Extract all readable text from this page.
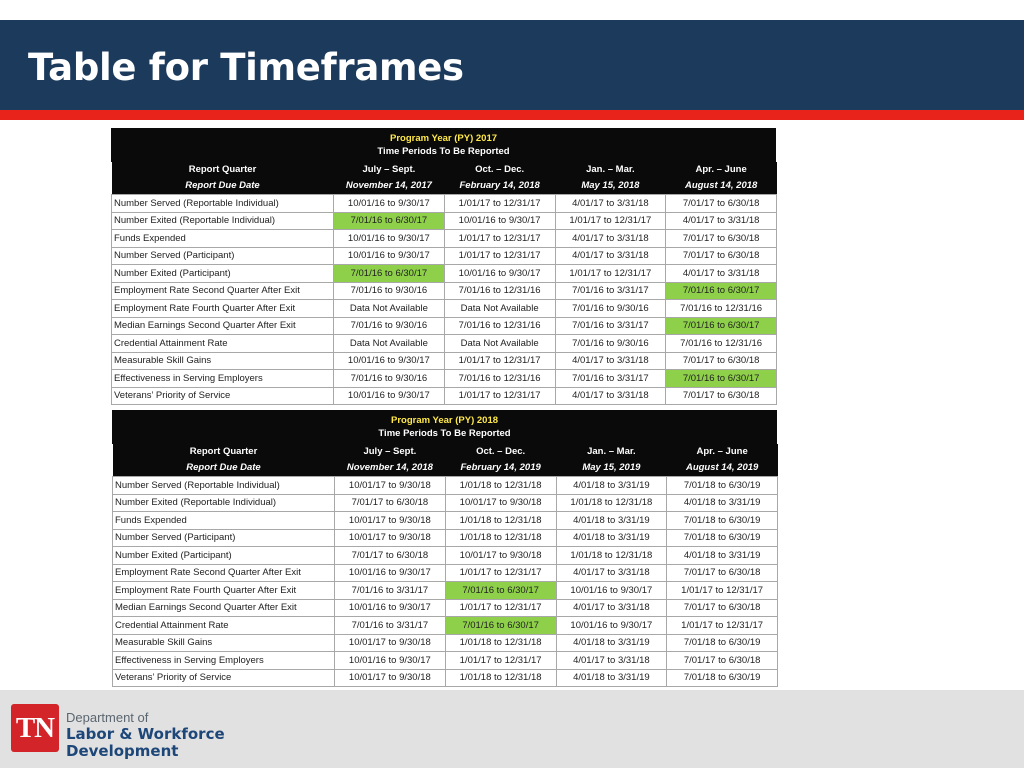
Table for Timeframes
Program Year (PY) 2017
Time Periods To Be Reported
Report Quarter	July – Sept.	Oct. – Dec.	Jan. – Mar.	Apr. – June
Report Due Date	November 14, 2017	February 14, 2018	May 15, 2018	August 14, 2018
Number Served (Reportable Individual)	10/01/16 to 9/30/17	1/01/17 to 12/31/17	4/01/17 to 3/31/18	7/01/17 to 6/30/18
Number Exited (Reportable Individual)	7/01/16 to 6/30/17	10/01/16 to 9/30/17	1/01/17 to 12/31/17	4/01/17 to 3/31/18
Funds Expended	10/01/16 to 9/30/17	1/01/17 to 12/31/17	4/01/17 to 3/31/18	7/01/17 to 6/30/18
Number Served (Participant)	10/01/16 to 9/30/17	1/01/17 to 12/31/17	4/01/17 to 3/31/18	7/01/17 to 6/30/18
Number Exited (Participant)	7/01/16 to 6/30/17	10/01/16 to 9/30/17	1/01/17 to 12/31/17	4/01/17 to 3/31/18
Employment Rate Second Quarter After Exit	7/01/16 to 9/30/16	7/01/16 to 12/31/16	7/01/16 to 3/31/17	7/01/16 to 6/30/17
Employment Rate Fourth Quarter After Exit	Data Not Available	Data Not Available	7/01/16 to 9/30/16	7/01/16 to 12/31/16
Median Earnings Second Quarter After Exit	7/01/16 to 9/30/16	7/01/16 to 12/31/16	7/01/16 to 3/31/17	7/01/16 to 6/30/17
Credential Attainment Rate	Data Not Available	Data Not Available	7/01/16 to 9/30/16	7/01/16 to 12/31/16
Measurable Skill Gains	10/01/16 to 9/30/17	1/01/17 to 12/31/17	4/01/17 to 3/31/18	7/01/17 to 6/30/18
Effectiveness in Serving Employers	7/01/16 to 9/30/16	7/01/16 to 12/31/16	7/01/16 to 3/31/17	7/01/16 to 6/30/17
Veterans’ Priority of Service	10/01/16 to 9/30/17	1/01/17 to 12/31/17	4/01/17 to 3/31/18	7/01/17 to 6/30/18
Program Year (PY) 2018
Time Periods To Be Reported
Report Quarter	July – Sept.	Oct. – Dec.	Jan. – Mar.	Apr. – June
Report Due Date	November 14, 2018	February 14, 2019	May 15, 2019	August 14, 2019
Number Served (Reportable Individual)	10/01/17 to 9/30/18	1/01/18 to 12/31/18	4/01/18 to 3/31/19	7/01/18 to 6/30/19
Number Exited (Reportable Individual)	7/01/17 to 6/30/18	10/01/17 to 9/30/18	1/01/18 to 12/31/18	4/01/18 to 3/31/19
Funds Expended	10/01/17 to 9/30/18	1/01/18 to 12/31/18	4/01/18 to 3/31/19	7/01/18 to 6/30/19
Number Served (Participant)	10/01/17 to 9/30/18	1/01/18 to 12/31/18	4/01/18 to 3/31/19	7/01/18 to 6/30/19
Number Exited (Participant)	7/01/17 to 6/30/18	10/01/17 to 9/30/18	1/01/18 to 12/31/18	4/01/18 to 3/31/19
Employment Rate Second Quarter After Exit	10/01/16 to 9/30/17	1/01/17 to 12/31/17	4/01/17 to 3/31/18	7/01/17 to 6/30/18
Employment Rate Fourth Quarter After Exit	7/01/16 to 3/31/17	7/01/16 to 6/30/17	10/01/16 to 9/30/17	1/01/17 to 12/31/17
Median Earnings Second Quarter After Exit	10/01/16 to 9/30/17	1/01/17 to 12/31/17	4/01/17 to 3/31/18	7/01/17 to 6/30/18
Credential Attainment Rate	7/01/16 to 3/31/17	7/01/16 to 6/30/17	10/01/16 to 9/30/17	1/01/17 to 12/31/17
Measurable Skill Gains	10/01/17 to 9/30/18	1/01/18 to 12/31/18	4/01/18 to 3/31/19	7/01/18 to 6/30/19
Effectiveness in Serving Employers	10/01/16 to 9/30/17	1/01/17 to 12/31/17	4/01/17 to 3/31/18	7/01/17 to 6/30/18
Veterans’ Priority of Service	10/01/17 to 9/30/18	1/01/18 to 12/31/18	4/01/18 to 3/31/19	7/01/18 to 6/30/19
TN Department of
Labor & Workforce
Development
